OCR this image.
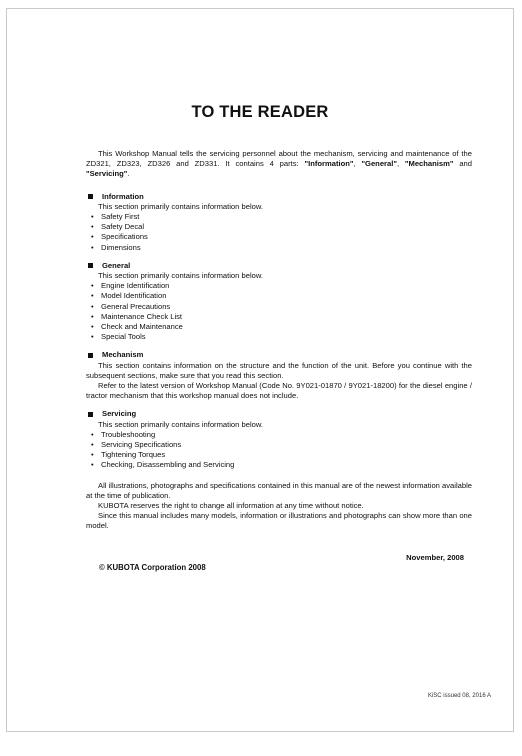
TO THE READER
This Workshop Manual tells the servicing personnel about the mechanism, servicing and maintenance of the ZD321, ZD323, ZD326 and ZD331. It contains 4 parts: "Information", "General", "Mechanism" and "Servicing".
Information
This section primarily contains information below.
• Safety First
• Safety Decal
• Specifications
• Dimensions
General
This section primarily contains information below.
• Engine Identification
• Model Identification
• General Precautions
• Maintenance Check List
• Check and Maintenance
• Special Tools
Mechanism
This section contains information on the structure and the function of the unit. Before you continue with the subsequent sections, make sure that you read this section.
Refer to the latest version of Workshop Manual (Code No. 9Y021-01870 / 9Y021-18200) for the diesel engine / tractor mechanism that this workshop manual does not include.
Servicing
This section primarily contains information below.
• Troubleshooting
• Servicing Specifications
• Tightening Torques
• Checking, Disassembling and Servicing
All illustrations, photographs and specifications contained in this manual are of the newest information available at the time of publication.
KUBOTA reserves the right to change all information at any time without notice.
Since this manual includes many models, information or illustrations and photographs can show more than one model.
November, 2008
© KUBOTA Corporation 2008
KiSC issued 08, 2016 A
